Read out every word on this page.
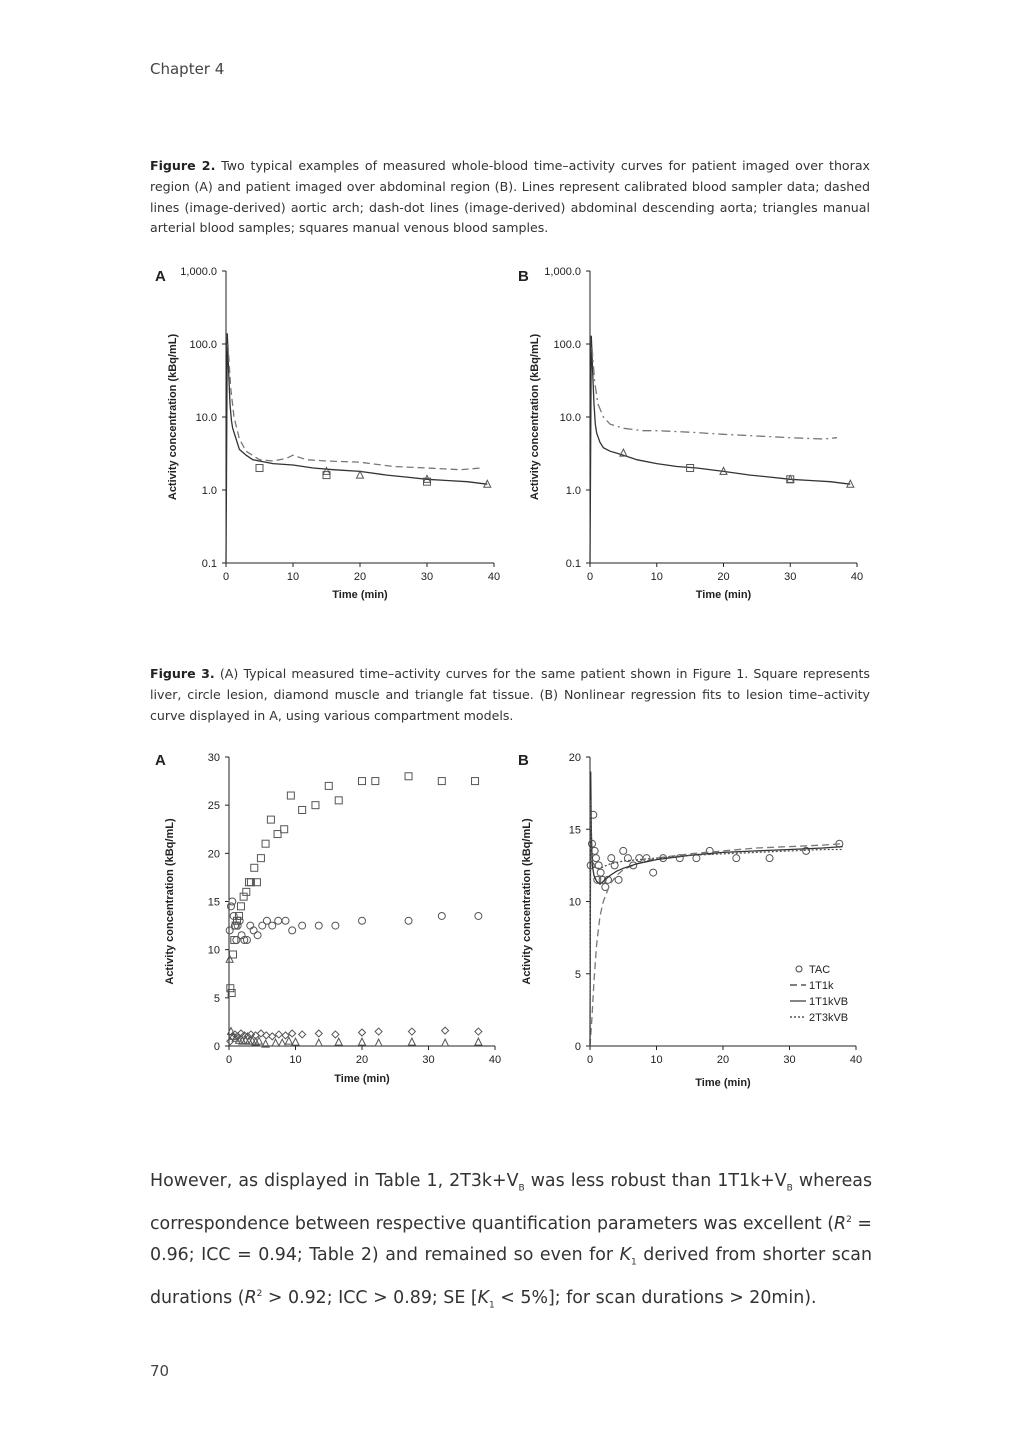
Chapter 4
Figure 2. Two typical examples of measured whole-blood time–activity curves for patient imaged over thorax region (A) and patient imaged over abdominal region (B). Lines represent calibrated blood sampler data; dashed lines (image-derived) aortic arch; dash-dot lines (image-derived) abdominal descending aorta; triangles manual arterial blood samples; squares manual venous blood samples.
0.1
1.0
10.0
100.0
1,000.0
0	10	20	30	40
A
Time (min)
Activity concentration (kBq/mL)
0.1
1.0
10.0
100.0
1,000.0
0	10	20	30	40
B
Time (min)
Activity concentration (kBq/mL)
0
5
10
15
20
25
30
0	10	20	30	40
A
Time (min)
Activity concentration (kBq/mL)
0
5
10
15
20
0	10	20	30	40
B
Time (min)
Activity concentration (kBq/mL)	TAC
1T1k
1T1kVB
2T3kVB
Figure 3. (A) Typical measured time–activity curves for the same patient shown in Figure 1. Square represents liver, circle lesion, diamond muscle and triangle fat tissue. (B) Nonlinear regression fits to lesion time–activity curve displayed in A, using various compartment models.
However, as displayed in Table 1, $2T3k+V_B$ was less robust than $1T1k+V_B$ whereas correspondence between respective quantification parameters was excellent ($R^2 = 0.96$; ICC = 0.94; Table 2) and remained so even for $K_1$ derived from shorter scan durations ($R^2 > 0.92$; ICC > 0.89; SE $[K_1 < 5\%]$; for scan durations > 20min).
70
